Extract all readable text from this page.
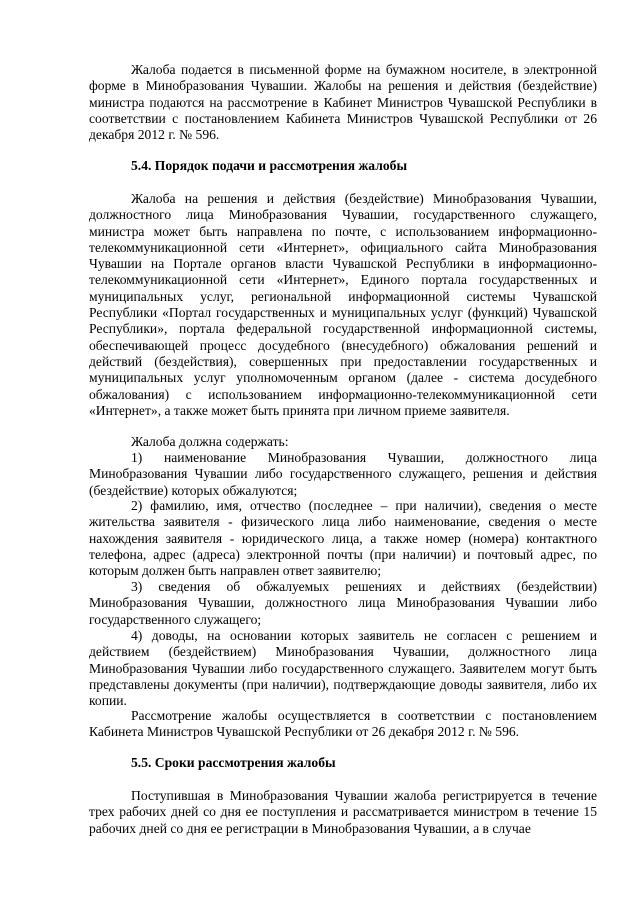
Жалоба подается в письменной форме на бумажном носителе, в электронной форме в Минобразования Чувашии. Жалобы на решения и действия (бездействие) министра подаются на рассмотрение в Кабинет Министров Чувашской Республики в соответствии с постановлением Кабинета Министров Чувашской Республики от 26 декабря 2012 г. № 596.

5.4. Порядок подачи и рассмотрения жалобы

Жалоба на решения и действия (бездействие) Минобразования Чувашии, должностного лица Минобразования Чувашии, государственного служащего, министра может быть направлена по почте, с использованием информационно-телекоммуникационной сети «Интернет», официального сайта Минобразования Чувашии на Портале органов власти Чувашской Республики в информационно-телекоммуникационной сети «Интернет», Единого портала государственных и муниципальных услуг, региональной информационной системы Чувашской Республики «Портал государственных и муниципальных услуг (функций) Чувашской Республики», портала федеральной государственной информационной системы, обеспечивающей процесс досудебного (внесудебного) обжалования решений и действий (бездействия), совершенных при предоставлении государственных и муниципальных услуг уполномоченным органом (далее - система досудебного обжалования) с использованием информационно-телекоммуникационной сети «Интернет», а также может быть принята при личном приеме заявителя.

Жалоба должна содержать:

1) наименование Минобразования Чувашии, должностного лица Минобразования Чувашии либо государственного служащего, решения и действия (бездействие) которых обжалуются;

2) фамилию, имя, отчество (последнее – при наличии), сведения о месте жительства заявителя - физического лица либо наименование, сведения о месте нахождения заявителя - юридического лица, а также номер (номера) контактного телефона, адрес (адреса) электронной почты (при наличии) и почтовый адрес, по которым должен быть направлен ответ заявителю;

3) сведения об обжалуемых решениях и действиях (бездействии) Минобразования Чувашии, должностного лица Минобразования Чувашии либо государственного служащего;

4) доводы, на основании которых заявитель не согласен с решением и действием (бездействием) Минобразования Чувашии, должностного лица Минобразования Чувашии либо государственного служащего. Заявителем могут быть представлены документы (при наличии), подтверждающие доводы заявителя, либо их копии.

Рассмотрение жалобы осуществляется в соответствии с постановлением Кабинета Министров Чувашской Республики от 26 декабря 2012 г. № 596.

5.5. Сроки рассмотрения жалобы

Поступившая в Минобразования Чувашии жалоба регистрируется в течение трех рабочих дней со дня ее поступления и рассматривается министром в течение 15 рабочих дней со дня ее регистрации в Минобразования Чувашии, а в случае
